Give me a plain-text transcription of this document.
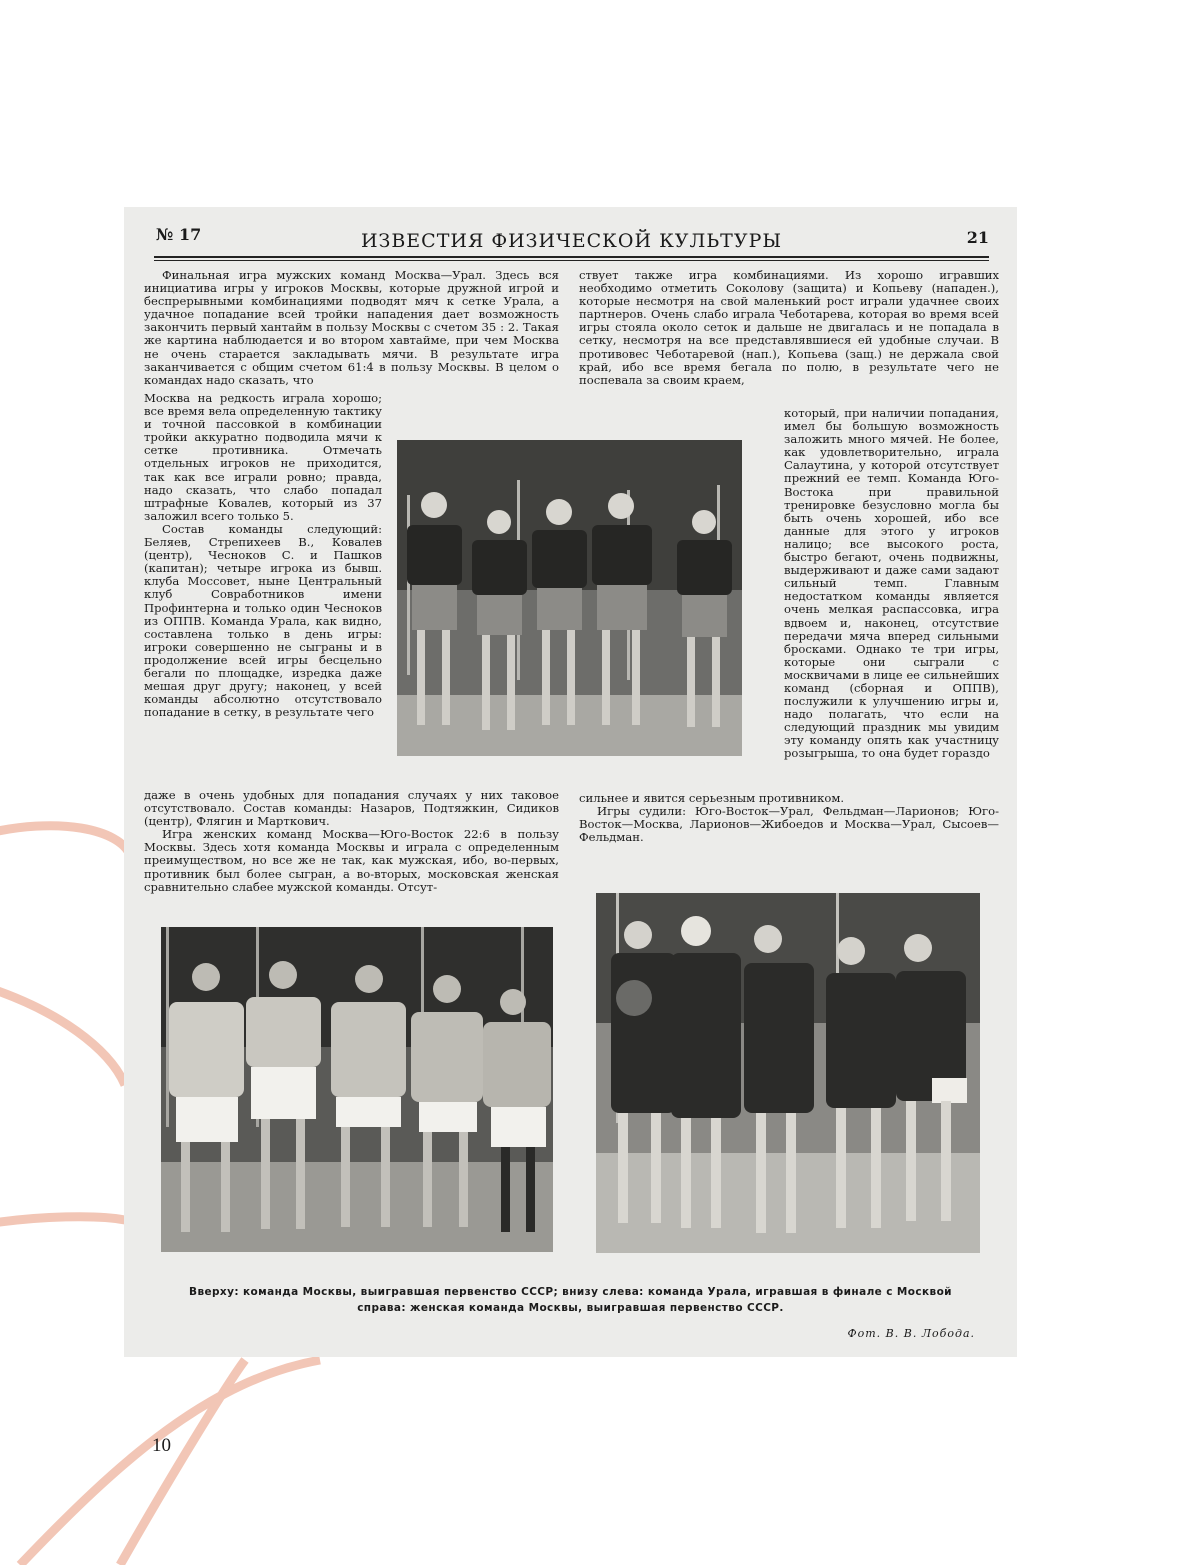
№ 17	ИЗВЕСТИЯ ФИЗИЧЕСКОЙ КУЛЬТУРЫ	21

Финальная игра мужских команд Москва—Урал. Здесь вся инициатива игры у игроков Москвы, которые дружной игрой и беспрерывными комбинациями подводят мяч к сетке Урала, а удачное попадание всей тройки нападения дает возможность закончить первый хантайм в пользу Москвы с счетом 35 : 2. Такая же картина наблюдается и во втором хавтайме, при чем Москва не очень старается закладывать мячи. В результате игра заканчивается с общим счетом 61:4 в пользу Москвы. В целом о командах надо сказать, что

Москва на редкость играла хорошо; все время вела определенную тактику и точной пассовкой в комбинации тройки аккуратно подводила мячи к сетке противника. Отмечать отдельных игроков не приходится, так как все играли ровно; правда, надо сказать, что слабо попадал штрафные Ковалев, который из 37 заложил всего только 5.

Состав команды следующий: Беляев, Стрепихеев В., Ковалев (центр), Чесноков С. и Пашков (капитан); четыре игрока из бывш. клуба Моссовет, ныне Центральный клуб Совработников имени Профинтерна и только один Чесноков из ОППВ. Команда Урала, как видно, составлена только в день игры: игроки совершенно не сыграны и в продолжение всей игры бесцельно бегали по площадке, изредка даже мешая друг другу; наконец, у всей команды абсолютно отсутствовало попадание в сетку, в результате чего

даже в очень удобных для попадания случаях у них таковое отсутствовало. Состав команды: Назаров, Подтяжкин, Сидиков (центр), Флягин и Марткович.

Игра женских команд Москва—Юго-Восток 22:6 в пользу Москвы. Здесь хотя команда Москвы и играла с определенным преимуществом, но все же не так, как мужская, ибо, во-первых, противник был более сыгран, а во-вторых, московская женская сравнительно слабее мужской команды. Отсут-

ствует также игра комбинациями. Из хорошо игравших необходимо отметить Соколову (защита) и Копьеву (нападен.), которые несмотря на свой маленький рост играли удачнее своих партнеров. Очень слабо играла Чеботарева, которая во время всей игры стояла около сеток и дальше не двигалась и не попадала в сетку, несмотря на все представлявшиеся ей удобные случаи. В противовес Чеботаревой (нап.), Копьева (защ.) не держала свой край, ибо все время бегала по полю, в результате чего не поспевала за своим краем,

который, при наличии попадания, имел бы большую возможность заложить много мячей. Не более, как удовлетворительно, играла Салаутина, у которой отсутствует прежний ее темп. Команда Юго-Востока при правильной тренировке безусловно могла бы быть очень хорошей, ибо все данные для этого у игроков налицо; все высокого роста, быстро бегают, очень подвижны, выдерживают и даже сами задают сильный темп. Главным недостатком команды является очень мелкая распассовка, игра вдвоем и, наконец, отсутствие передачи мяча вперед сильными бросками. Однако те три игры, которые они сыграли с москвичами в лице ее сильнейших команд (сборная и ОППВ), послужили к улучшению игры и, надо полагать, что если на следующий праздник мы увидим эту команду опять как участницу розыгрыша, то она будет гораздо

сильнее и явится серьезным противником.

Игры судили: Юго-Восток—Урал, Фельдман—Ларионов; Юго-Восток—Москва, Ларионов—Жибоедов и Москва—Урал, Сысоев—Фельдман.

Вверху: команда Москвы, выигравшая первенство СССР; внизу слева: команда Урала, игравшая в финале с Москвой
справа: женская команда Москвы, выигравшая первенство СССР.
Фот. В. В. Лобода.
10
